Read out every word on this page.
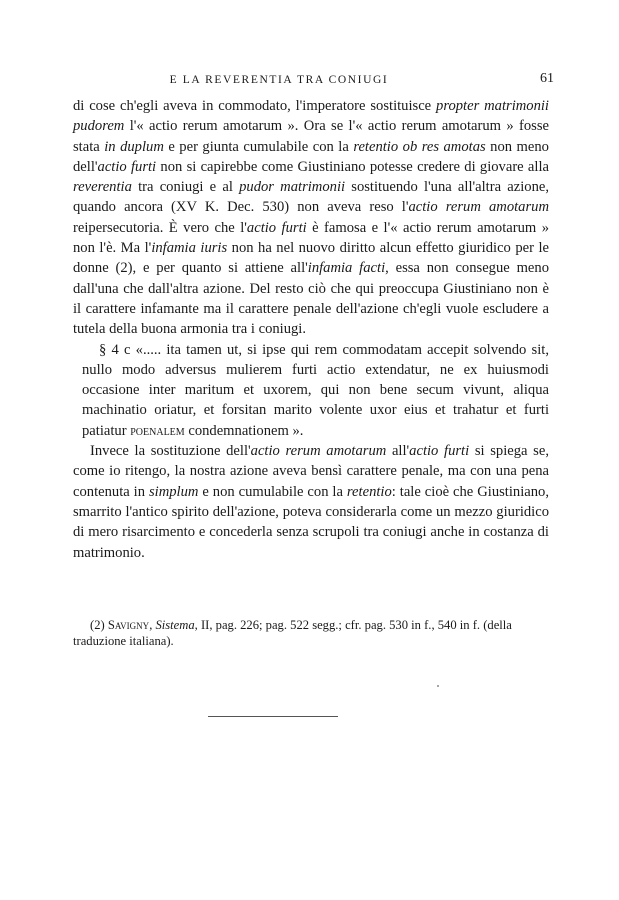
E LA REVERENTIA TRA CONIUGI	61

di cose ch'egli aveva in commodato, l'imperatore sostituisce propter matrimonii pudorem l'« actio rerum amotarum ». Ora se l'« actio rerum amotarum » fosse stata in duplum e per giunta cumulabile con la retentio ob res amotas non meno dell'actio furti non si capirebbe come Giustiniano potesse credere di giovare alla reverentia tra coniugi e al pudor matrimonii sostituendo l'una all'altra azione, quando ancora (XV K. Dec. 530) non aveva reso l'actio rerum amotarum reipersecutoria. È vero che l'actio furti è famosa e l'« actio rerum amotarum » non l'è. Ma l'infamia iuris non ha nel nuovo diritto alcun effetto giuridico per le donne (2), e per quanto si attiene all'infamia facti, essa non consegue meno dall'una che dall'altra azione. Del resto ciò che qui preoccupa Giustiniano non è il carattere infamante ma il carattere penale dell'azione ch'egli vuole escludere a tutela della buona armonia tra i coniugi.

§ 4 c «..... ita tamen ut, si ipse qui rem commodatam accepit solvendo sit, nullo modo adversus mulierem furti actio extendatur, ne ex huiusmodi occasione inter maritum et uxorem, qui non bene secum vivunt, aliqua machinatio oriatur, et forsitan marito volente uxor eius et trahatur et furti patiatur poenalem condemnationem ».

Invece la sostituzione dell'actio rerum amotarum all'actio furti si spiega se, come io ritengo, la nostra azione aveva bensì carattere penale, ma con una pena contenuta in simplum e non cumulabile con la retentio: tale cioè che Giustiniano, smarrito l'antico spirito dell'azione, poteva considerarla come un mezzo giuridico di mero risarcimento e concederla senza scrupoli tra coniugi anche in costanza di matrimonio.

(2) Savigny, Sistema, II, pag. 226; pag. 522 segg.; cfr. pag. 530 in f., 540 in f. (della traduzione italiana).
